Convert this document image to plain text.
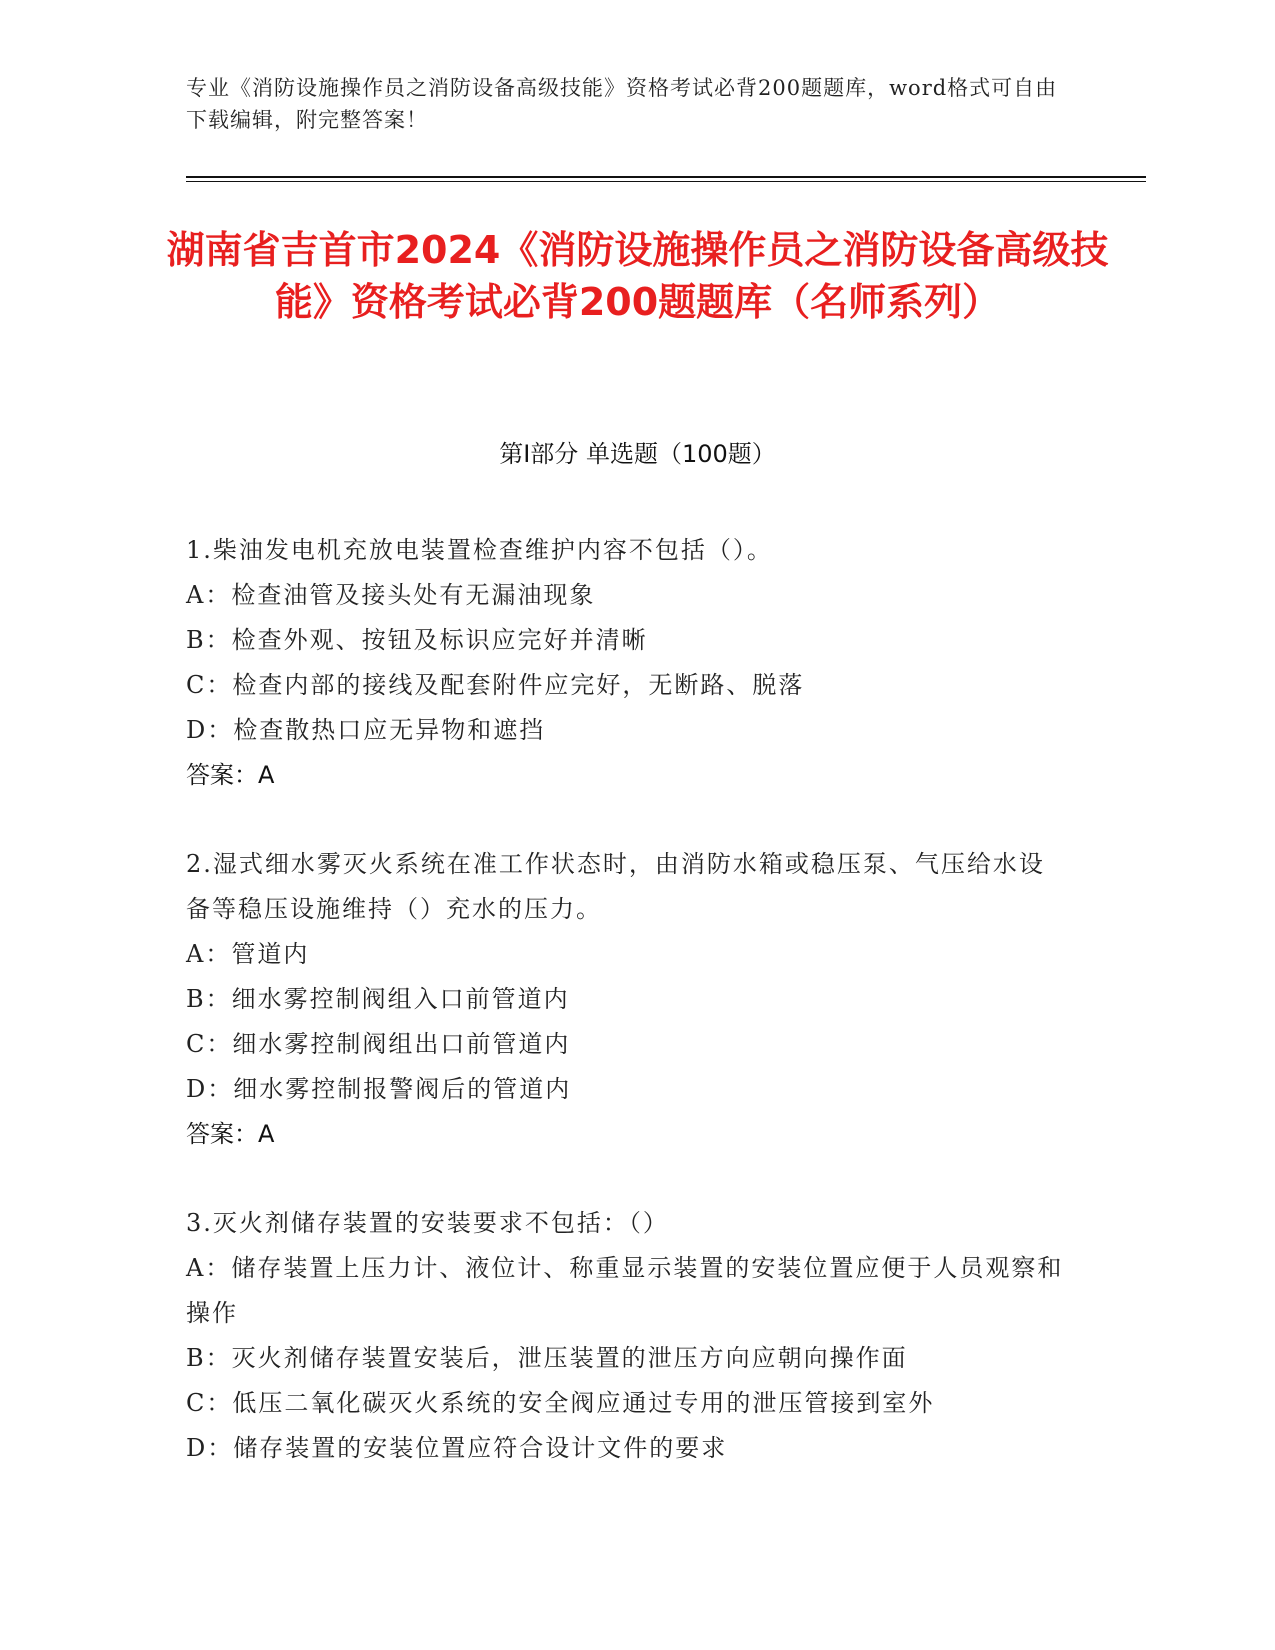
专业《消防设施操作员之消防设备高级技能》资格考试必背200题题库，word格式可自由下载编辑，附完整答案！
湖南省吉首市2024《消防设施操作员之消防设备高级技能》资格考试必背200题题库（名师系列）
第I部分 单选题（100题）
1.柴油发电机充放电装置检查维护内容不包括（）。
A：检查油管及接头处有无漏油现象
B：检查外观、按钮及标识应完好并清晰
C：检查内部的接线及配套附件应完好，无断路、脱落
D：检查散热口应无异物和遮挡
答案：A
2.湿式细水雾灭火系统在准工作状态时，由消防水箱或稳压泵、气压给水设备等稳压设施维持（）充水的压力。
A：管道内
B：细水雾控制阀组入口前管道内
C：细水雾控制阀组出口前管道内
D：细水雾控制报警阀后的管道内
答案：A
3.灭火剂储存装置的安装要求不包括：（）
A：储存装置上压力计、液位计、称重显示装置的安装位置应便于人员观察和操作
B：灭火剂储存装置安装后，泄压装置的泄压方向应朝向操作面
C：低压二氧化碳灭火系统的安全阀应通过专用的泄压管接到室外
D：储存装置的安装位置应符合设计文件的要求
